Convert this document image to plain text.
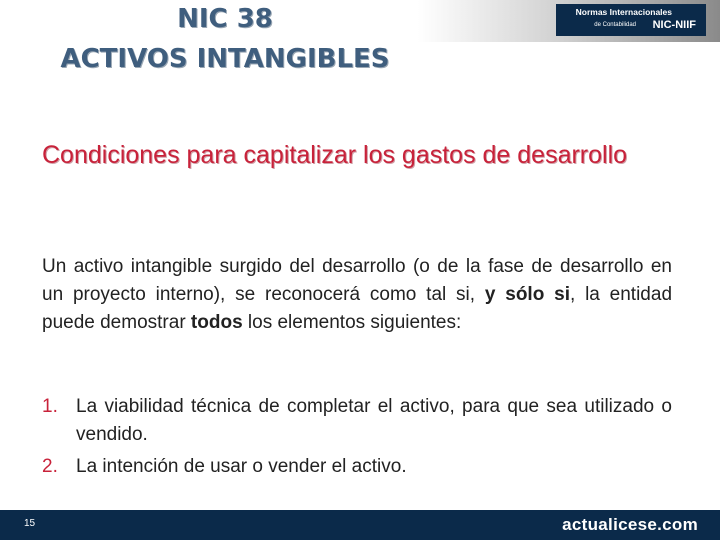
Normas Internacionales
de Contabilidad NIC-NIIF
NIC 38
ACTIVOS INTANGIBLES
Condiciones para capitalizar los gastos de desarrollo
Un activo intangible surgido del desarrollo (o de la fase de desarrollo en un proyecto interno), se reconocerá como tal si, y sólo si, la entidad puede demostrar todos los elementos siguientes:
1. La viabilidad técnica de completar el activo, para que sea utilizado o vendido.
2. La intención de usar o vender el activo.
15	actualicese.com
